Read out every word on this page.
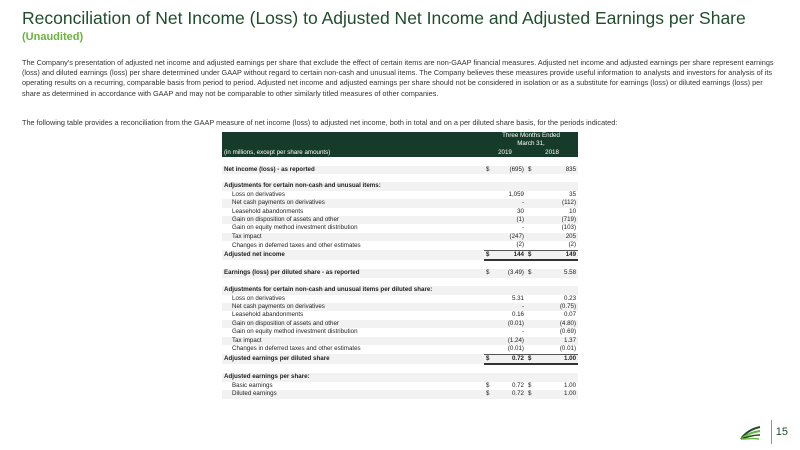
Reconciliation of Net Income (Loss) to Adjusted Net Income and Adjusted Earnings per Share
(Unaudited)
The Company's presentation of adjusted net income and adjusted earnings per share that exclude the effect of certain items are non-GAAP financial measures. Adjusted net income and adjusted earnings per share represent earnings (loss) and diluted earnings (loss) per share determined under GAAP without regard to certain non-cash and unusual items. The Company believes these measures provide useful information to analysts and investors for analysis of its operating results on a recurring, comparable basis from period to period. Adjusted net income and adjusted earnings per share should not be considered in isolation or as a substitute for earnings (loss) or diluted earnings (loss) per share as determined in accordance with GAAP and may not be comparable to other similarly titled measures of other companies.
The following table provides a reconciliation from the GAAP measure of net income (loss) to adjusted net income, both in total and on a per diluted share basis, for the periods indicated:
	Three Months Ended			
	March 31,			
(in millions, except per share amounts)	2019		2018	

Net income (loss) - as reported	$	(695)	$	835

Adjustments for certain non-cash and unusual items:				
Loss on derivatives		1,059		35
Net cash payments on derivatives		-		(112)
Leasehold abandonments		30		10
Gain on disposition of assets and other		(1)		(719)
Gain on equity method investment distribution		-		(103)
Tax impact		(247)		205
Changes in deferred taxes and other estimates		(2)		(2)
Adjusted net income	$	144	$	149

Earnings (loss) per diluted share - as reported	$	(3.49)	$	5.58

Adjustments for certain non-cash and unusual items per diluted share:				
Loss on derivatives		5.31		0.23
Net cash payments on derivatives		-		(0.75)
Leasehold abandonments		0.16		0.07
Gain on disposition of assets and other		(0.01)		(4.80)
Gain on equity method investment distribution		-		(0.69)
Tax impact		(1.24)		1.37
Changes in deferred taxes and other estimates		(0.01)		(0.01)
Adjusted earnings per diluted share	$	0.72	$	1.00

Adjusted earnings per share:				
Basic earnings	$	0.72	$	1.00
Diluted earnings	$	0.72	$	1.00
15
